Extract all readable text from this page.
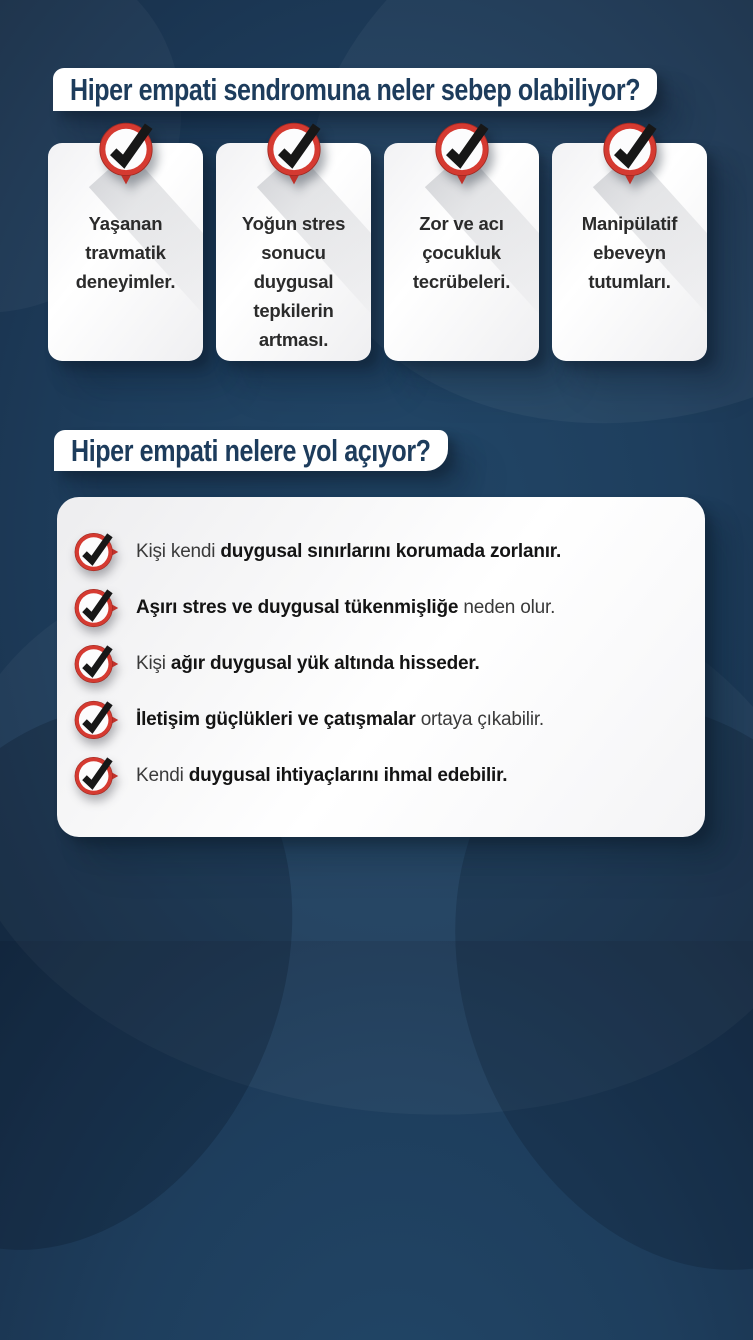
Hiper empati sendromuna neler sebep olabiliyor?
Yaşanan travmatik deneyimler.
Yoğun stres sonucu duygusal tepkilerin artması.
Zor ve acı çocukluk tecrübeleri.
Manipülatif ebeveyn tutumları.
Hiper empati nelere yol açıyor?
Kişi kendi duygusal sınırlarını korumada zorlanır.
Aşırı stres ve duygusal tükenmişliğe neden olur.
Kişi ağır duygusal yük altında hisseder.
İletişim güçlükleri ve çatışmalar ortaya çıkabilir.
Kendi duygusal ihtiyaçlarını ihmal edebilir.
